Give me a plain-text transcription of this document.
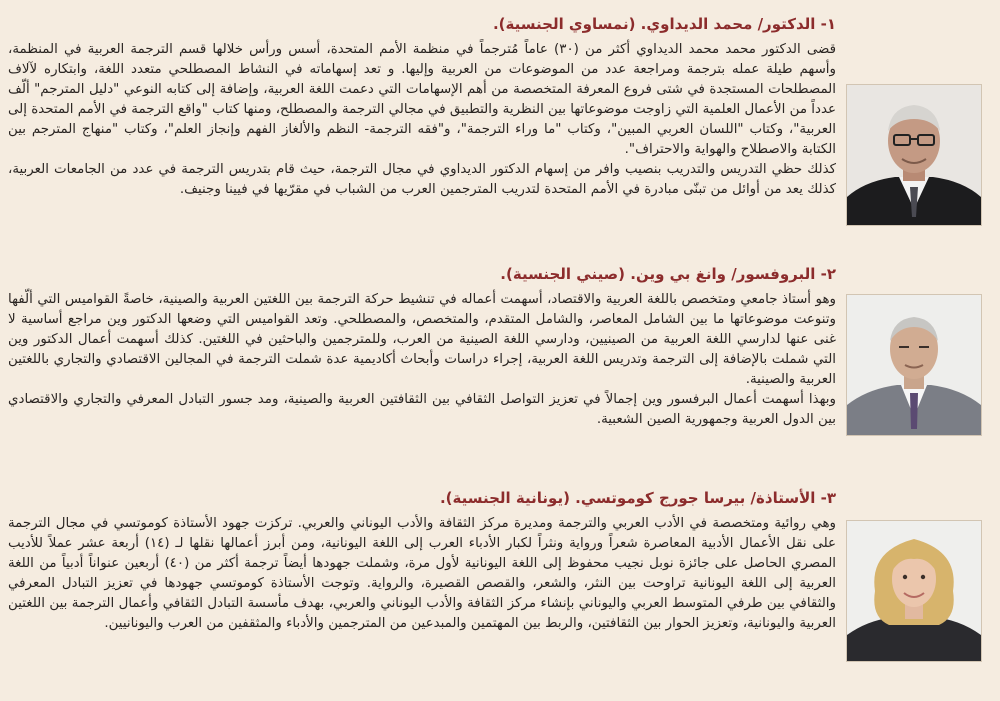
١- الدكتور/ محمد الديداوي. (نمساوي الجنسية).

قضى الدكتور محمد محمد الديداوي أكثر من (٣٠) عاماً مُترجماً في منظمة الأمم المتحدة، أسس ورأس خلالها قسم الترجمة العربية في المنظمة، وأسهم طيلة عمله بترجمة ومراجعة عدد من الموضوعات من العربية وإليها. و تعد إسهاماته في النشاط المصطلحي متعدد اللغة، وابتكاره لآلاف المصطلحات المستجدة في شتى فروع المعرفة المتخصصة من أهم الإسهامات التي دعمت اللغة العربية، وإضافة إلى كتابه النوعي "دليل المترجم" ألّف عدداً من الأعمال العلمية التي زاوجت موضوعاتها بين النظرية والتطبيق في مجالي الترجمة والمصطلح، ومنها كتاب "واقع الترجمة في الأمم المتحدة إلى العربية"، وكتاب "اللسان العربي المبين"، وكتاب "ما وراء الترجمة"، و"فقه الترجمة- النظم والألغاز الفهم وإنجاز العلم"، وكتاب "منهاج المترجم بين الكتابة والاصطلاح والهواية والاحتراف".

كذلك حظي التدريس والتدريب بنصيب وافر من إسهام الدكتور الديداوي في مجال الترجمة، حيث قام بتدريس الترجمة في عدد من الجامعات العربية، كذلك يعد من أوائل من تبنّى مبادرة في الأمم المتحدة لتدريب المترجمين العرب من الشباب في مقرّيها في فيينا وجنيف.

٢- البروفسور/ وانغ بي وين. (صيني الجنسية).

وهو أستاذ جامعي ومتخصص باللغة العربية والاقتصاد، أسهمت أعماله في تنشيط حركة الترجمة بين اللغتين العربية والصينية، خاصةً القواميس التي ألّفها وتنوعت موضوعاتها ما بين الشامل المعاصر، والشامل المتقدم، والمتخصص، والمصطلحي. وتعد القواميس التي وضعها الدكتور وين مراجع أساسية لا غنى عنها لدارسي اللغة العربية من الصينيين، ودارسي اللغة الصينية من العرب، وللمترجمين والباحثين في اللغتين. كذلك أسهمت أعمال الدكتور وين التي شملت بالإضافة إلى الترجمة وتدريس اللغة العربية، إجراء دراسات وأبحاث أكاديمية عدة شملت الترجمة في المجالين الاقتصادي والتجاري باللغتين العربية والصينية.

وبهذا أسهمت أعمال البرفسور وين إجمالاً في تعزيز التواصل الثقافي بين الثقافتين العربية والصينية، ومد جسور التبادل المعرفي والتجاري والاقتصادي بين الدول العربية وجمهورية الصين الشعبية.

٣- الأستاذة/ بيرسا جورج كوموتسي. (يونانية الجنسية).

وهي روائية ومتخصصة في الأدب العربي والترجمة ومديرة مركز الثقافة والأدب اليوناني والعربي. تركزت جهود الأستاذة كوموتسي في مجال الترجمة على نقل الأعمال الأدبية المعاصرة شعراً ورواية ونثراً لكبار الأدباء العرب إلى اللغة اليونانية، ومن أبرز أعمالها نقلها لـ (١٤) أربعة عشر عملاً للأديب المصري الحاصل على جائزة نوبل نجيب محفوظ إلى اللغة اليونانية لأول مرة، وشملت جهودها أيضاً ترجمة أكثر من (٤٠) أربعين عنواناً أدبياً من اللغة العربية إلى اللغة اليونانية تراوحت بين النثر، والشعر، والقصص القصيرة، والرواية. وتوجت الأستاذة كوموتسي جهودها في تعزيز التبادل المعرفي والثقافي بين طرفي المتوسط العربي واليوناني بإنشاء مركز الثقافة والأدب اليوناني والعربي، بهدف مأسسة التبادل الثقافي وأعمال الترجمة بين اللغتين العربية واليونانية، وتعزيز الحوار بين الثقافتين، والربط بين المهتمين والمبدعين من المترجمين والأدباء والمثقفين من العرب واليونانيين.
